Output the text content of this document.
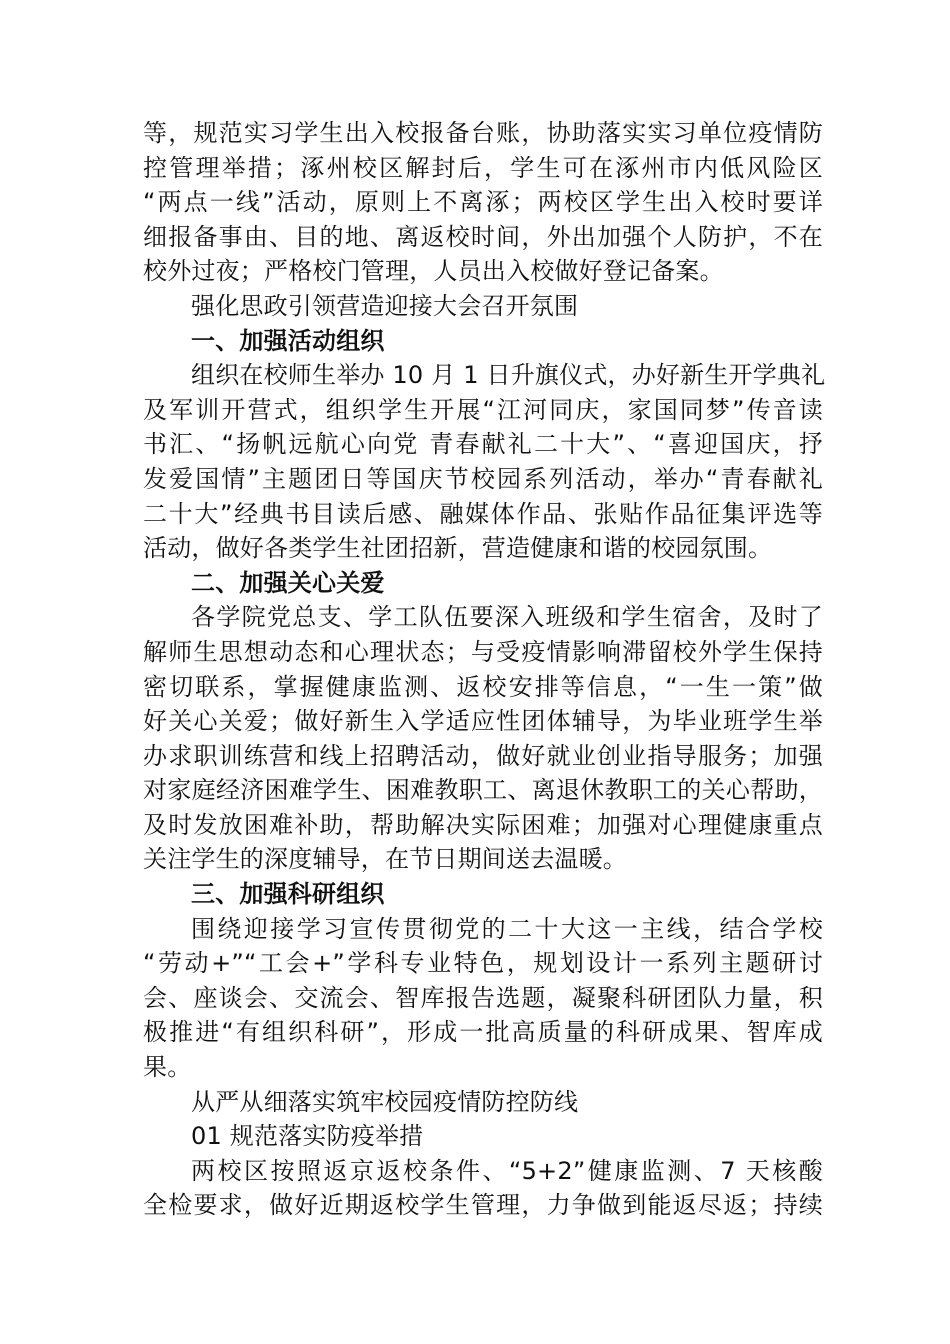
等，规范实习学生出入校报备台账，协助落实实习单位疫情防
控管理举措；涿州校区解封后，学生可在涿州市内低风险区
“两点一线”活动，原则上不离涿；两校区学生出入校时要详
细报备事由、目的地、离返校时间，外出加强个人防护，不在
校外过夜；严格校门管理，人员出入校做好登记备案。
强化思政引领营造迎接大会召开氛围
一、加强活动组织
组织在校师生举办 10 月 1 日升旗仪式，办好新生开学典礼
及军训开营式，组织学生开展“江河同庆，家国同梦”传音读
书汇、“扬帆远航心向党 青春献礼二十大”、“喜迎国庆，抒
发爱国情”主题团日等国庆节校园系列活动，举办“青春献礼
二十大”经典书目读后感、融媒体作品、张贴作品征集评选等
活动，做好各类学生社团招新，营造健康和谐的校园氛围。
二、加强关心关爱
各学院党总支、学工队伍要深入班级和学生宿舍，及时了
解师生思想动态和心理状态；与受疫情影响滞留校外学生保持
密切联系，掌握健康监测、返校安排等信息，“一生一策”做
好关心关爱；做好新生入学适应性团体辅导，为毕业班学生举
办求职训练营和线上招聘活动，做好就业创业指导服务；加强
对家庭经济困难学生、困难教职工、离退休教职工的关心帮助，
及时发放困难补助，帮助解决实际困难；加强对心理健康重点
关注学生的深度辅导，在节日期间送去温暖。
三、加强科研组织
围绕迎接学习宣传贯彻党的二十大这一主线，结合学校
“劳动+”“工会+”学科专业特色，规划设计一系列主题研讨
会、座谈会、交流会、智库报告选题，凝聚科研团队力量，积
极推进“有组织科研”，形成一批高质量的科研成果、智库成
果。
从严从细落实筑牢校园疫情防控防线
01 规范落实防疫举措
两校区按照返京返校条件、“5+2”健康监测、7 天核酸
全检要求，做好近期返校学生管理，力争做到能返尽返；持续
